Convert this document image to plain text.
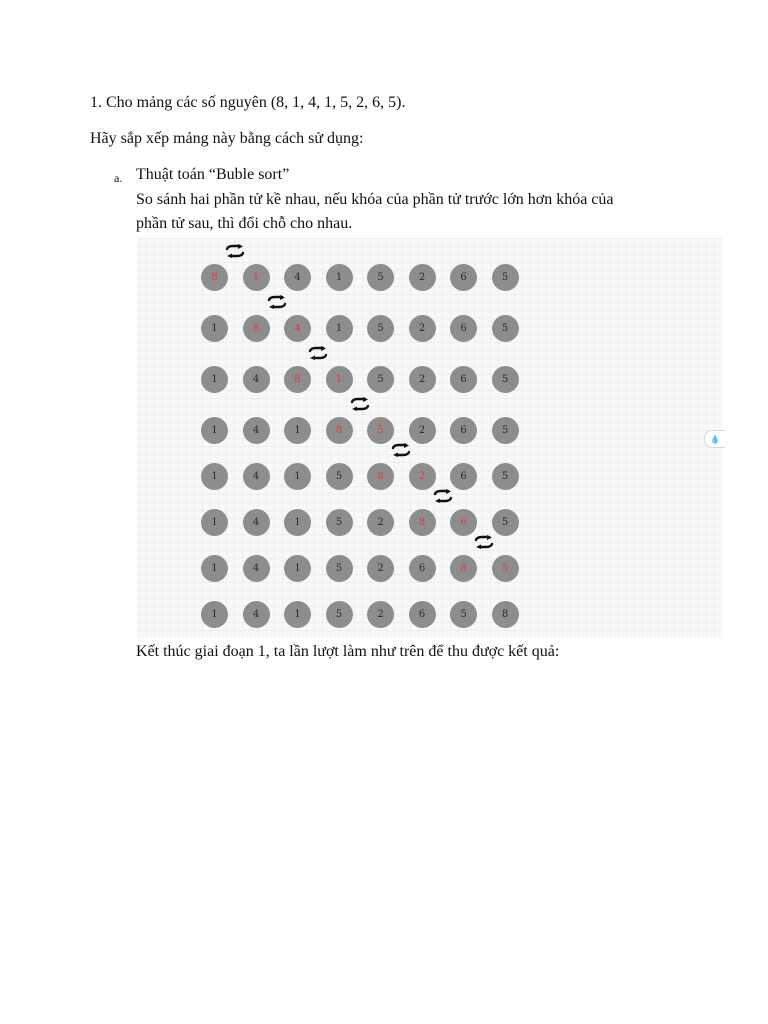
1. Cho mảng các số nguyên (8, 1, 4, 1, 5, 2, 6, 5).
Hãy sắp xếp mảng này bằng cách sử dụng:
a. Thuật toán “Buble sort”
So sánh hai phần tử kề nhau, nếu khóa của phần tử trước lớn hơn khóa của
phần tử sau, thì đổi chỗ cho nhau.
8	1	4	1	5	2	6	5
1	8	4	1	5	2	6	5
1	4	8	1	5	2	6	5
1	4	1	8	5	2	6	5
1	4	1	5	8	2	6	5
1	4	1	5	2	8	6	5
1	4	1	5	2	6	8	5
1	4	1	5	2	6	5	8
💧
Kết thúc giai đoạn 1, ta lần lượt làm như trên để thu được kết quả:
